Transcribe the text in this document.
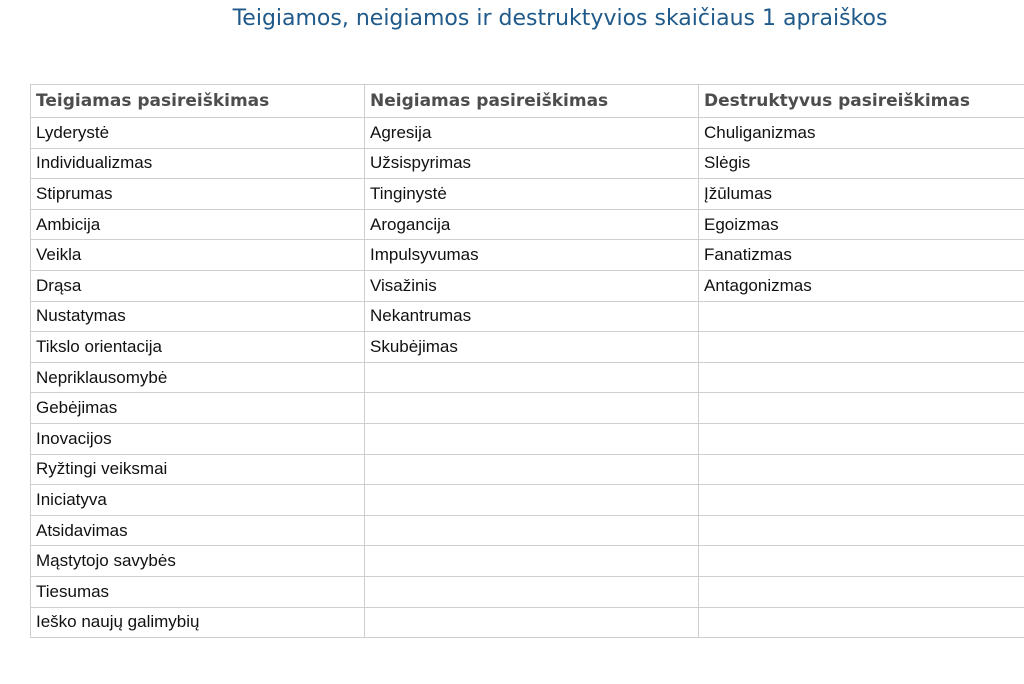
Teigiamos, neigiamos ir destruktyvios skaičiaus 1 apraiškos
Teigiamas pasireiškimas	Neigiamas pasireiškimas	Destruktyvus pasireiškimas
Lyderystė	Agresija	Chuliganizmas
Individualizmas	Užsispyrimas	Slėgis
Stiprumas	Tinginystė	Įžūlumas
Ambicija	Arogancija	Egoizmas
Veikla	Impulsyvumas	Fanatizmas
Drąsa	Visažinis	Antagonizmas
Nustatymas	Nekantrumas	
Tikslo orientacija	Skubėjimas	
Nepriklausomybė		
Gebėjimas		
Inovacijos		
Ryžtingi veiksmai		
Iniciatyva		
Atsidavimas		
Mąstytojo savybės		
Tiesumas		
Ieško naujų galimybių		
